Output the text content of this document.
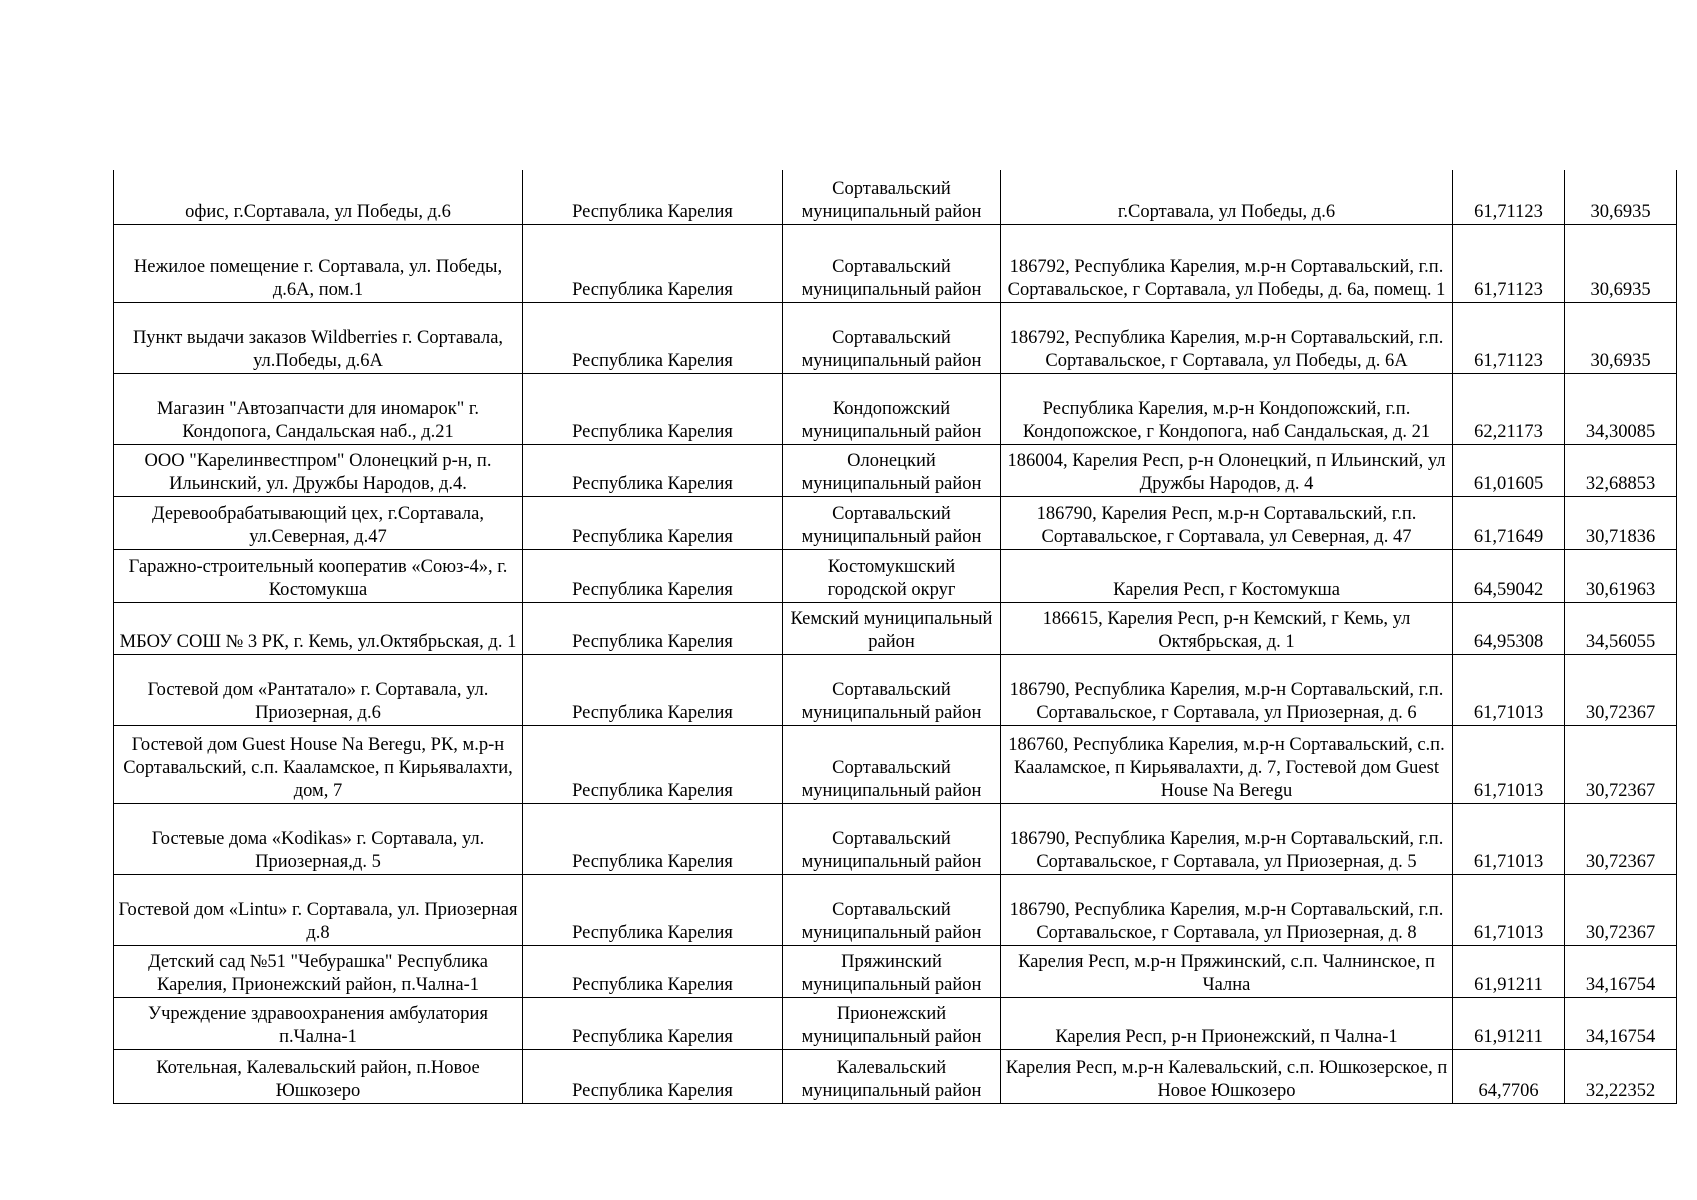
офис, г.Сортавала, ул Победы, д.6	Республика Карелия	Сортавальский муниципальный район	г.Сортавала, ул Победы, д.6	61,71123	30,6935
Нежилое помещение г. Сортавала, ул. Победы, д.6А, пом.1	Республика Карелия	Сортавальский муниципальный район	186792, Республика Карелия, м.р-н Сортавальский, г.п. Сортавальское, г Сортавала, ул Победы, д. 6а, помещ. 1	61,71123	30,6935
Пункт выдачи заказов Wildberries г. Сортавала, ул.Победы, д.6А	Республика Карелия	Сортавальский муниципальный район	186792, Республика Карелия, м.р-н Сортавальский, г.п. Сортавальское, г Сортавала, ул Победы, д. 6А	61,71123	30,6935
Магазин "Автозапчасти для иномарок" г. Кондопога, Сандальская наб., д.21	Республика Карелия	Кондопожский муниципальный район	Республика Карелия, м.р-н Кондопожский, г.п. Кондопожское, г Кондопога, наб Сандальская, д. 21	62,21173	34,30085
ООО "Карелинвестпром" Олонецкий р-н, п. Ильинский, ул. Дружбы Народов, д.4.	Республика Карелия	Олонецкий муниципальный район	186004, Карелия Респ, р-н Олонецкий, п Ильинский, ул Дружбы Народов, д. 4	61,01605	32,68853
Деревообрабатывающий цех, г.Сортавала, ул.Северная, д.47	Республика Карелия	Сортавальский муниципальный район	186790, Карелия Респ, м.р-н Сортавальский, г.п. Сортавальское, г Сортавала, ул Северная, д. 47	61,71649	30,71836
Гаражно-строительный кооператив «Союз-4», г. Костомукша	Республика Карелия	Костомукшский городской округ	Карелия Респ, г Костомукша	64,59042	30,61963
МБОУ СОШ № 3 РК, г. Кемь, ул.Октябрьская, д. 1	Республика Карелия	Кемский муниципальный район	186615, Карелия Респ, р-н Кемский, г Кемь, ул Октябрьская, д. 1	64,95308	34,56055
Гостевой дом «Рантатало» г. Сортавала, ул. Приозерная, д.6	Республика Карелия	Сортавальский муниципальный район	186790, Республика Карелия, м.р-н Сортавальский, г.п. Сортавальское, г Сортавала, ул Приозерная, д. 6	61,71013	30,72367
Гостевой дом Guest House Na Beregu, РК, м.р-н Сортавальский, с.п. Кааламское, п Кирьявалахти, дом, 7	Республика Карелия	Сортавальский муниципальный район	186760, Республика Карелия, м.р-н Сортавальский, с.п. Кааламское, п Кирьявалахти, д. 7, Гостевой дом Guest House Na Beregu	61,71013	30,72367
Гостевые дома «Kodikas» г. Сортавала, ул. Приозерная,д. 5	Республика Карелия	Сортавальский муниципальный район	186790, Республика Карелия, м.р-н Сортавальский, г.п. Сортавальское, г Сортавала, ул Приозерная, д. 5	61,71013	30,72367
Гостевой дом «Lintu» г. Сортавала, ул. Приозерная д.8	Республика Карелия	Сортавальский муниципальный район	186790, Республика Карелия, м.р-н Сортавальский, г.п. Сортавальское, г Сортавала, ул Приозерная, д. 8	61,71013	30,72367
Детский сад №51 "Чебурашка" Республика Карелия, Прионежский район, п.Чална-1	Республика Карелия	Пряжинский муниципальный район	Карелия Респ, м.р-н Пряжинский, с.п. Чалнинское, п Чална	61,91211	34,16754
Учреждение здравоохранения амбулатория п.Чална-1	Республика Карелия	Прионежский муниципальный район	Карелия Респ, р-н Прионежский, п Чална-1	61,91211	34,16754
Котельная, Калевальский район, п.Новое Юшкозеро	Республика Карелия	Калевальский муниципальный район	Карелия Респ, м.р-н Калевальский, с.п. Юшкозерское, п Новое Юшкозеро	64,7706	32,22352
